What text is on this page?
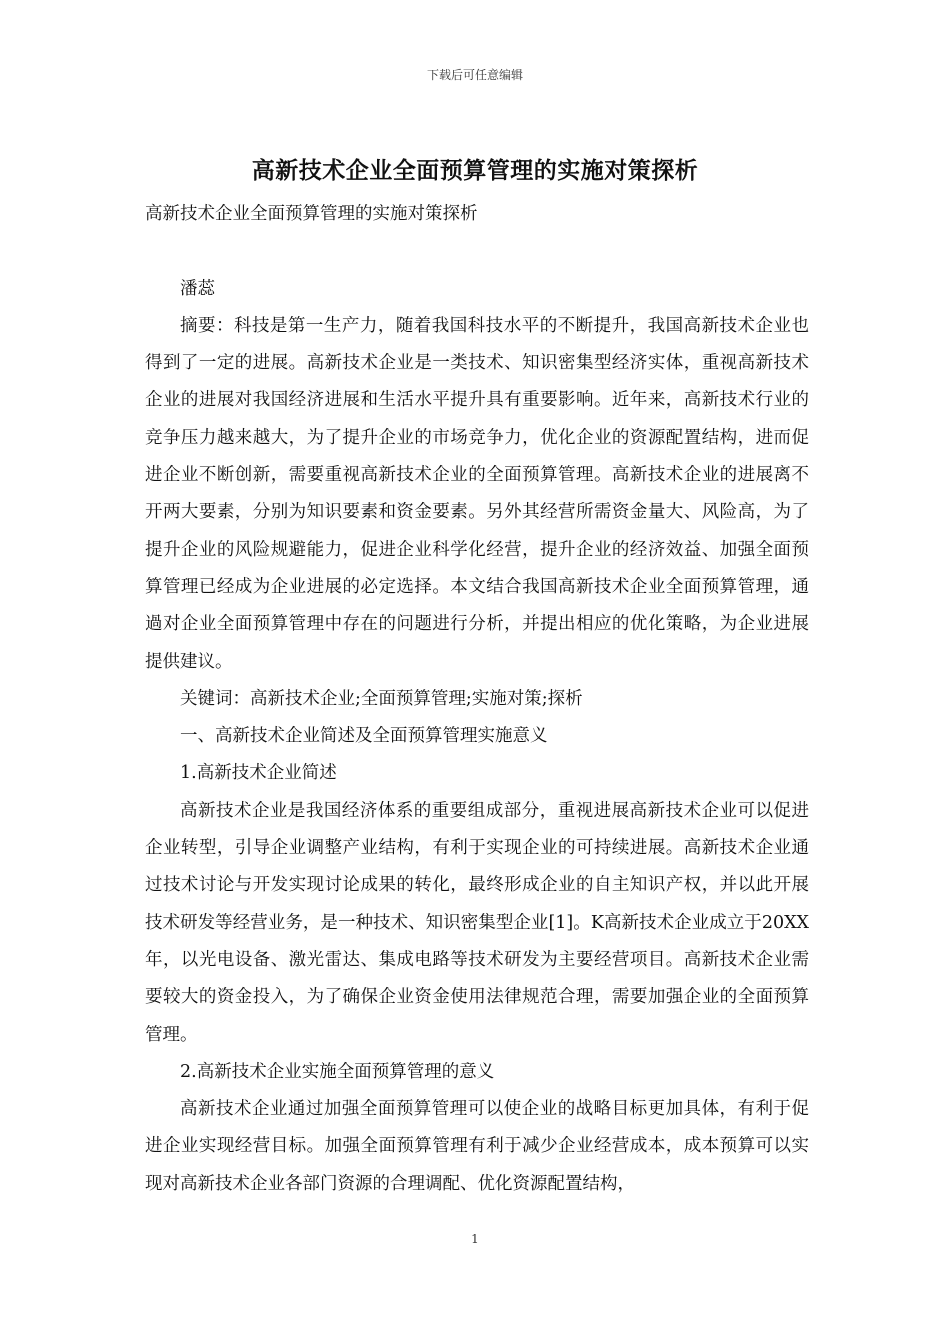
下载后可任意编辑
高新技术企业全面预算管理的实施对策探析

高新技术企业全面预算管理的实施对策探析

潘蕊

摘要：科技是第一生产力，随着我国科技水平的不断提升，我国高新技术企业也得到了一定的进展。高新技术企业是一类技术、知识密集型经济实体，重视高新技术企业的进展对我国经济进展和生活水平提升具有重要影响。近年来，高新技术行业的竞争压力越来越大，为了提升企业的市场竞争力，优化企业的资源配置结构，进而促进企业不断创新，需要重视高新技术企业的全面预算管理。高新技术企业的进展离不开两大要素，分别为知识要素和资金要素。另外其经营所需资金量大、风险高，为了提升企业的风险规避能力，促进企业科学化经营，提升企业的经济效益、加强全面预算管理已经成为企业进展的必定选择。本文结合我国高新技术企业全面预算管理，通過对企业全面预算管理中存在的问题进行分析，并提出相应的优化策略，为企业进展提供建议。

关键词：高新技术企业;全面预算管理;实施对策;探析

一、高新技术企业简述及全面预算管理实施意义

1.高新技术企业简述

高新技术企业是我国经济体系的重要组成部分，重视进展高新技术企业可以促进企业转型，引导企业调整产业结构，有利于实现企业的可持续进展。高新技术企业通过技术讨论与开发实现讨论成果的转化，最终形成企业的自主知识产权，并以此开展技术研发等经营业务，是一种技术、知识密集型企业[1]。K高新技术企业成立于20XX年，以光电设备、激光雷达、集成电路等技术研发为主要经营项目。高新技术企业需要较大的资金投入，为了确保企业资金使用法律规范合理，需要加强企业的全面预算管理。

2.高新技术企业实施全面预算管理的意义

高新技术企业通过加强全面预算管理可以使企业的战略目标更加具体，有利于促进企业实现经营目标。加强全面预算管理有利于减少企业经营成本，成本预算可以实现对高新技术企业各部门资源的合理调配、优化资源配置结构，

1
